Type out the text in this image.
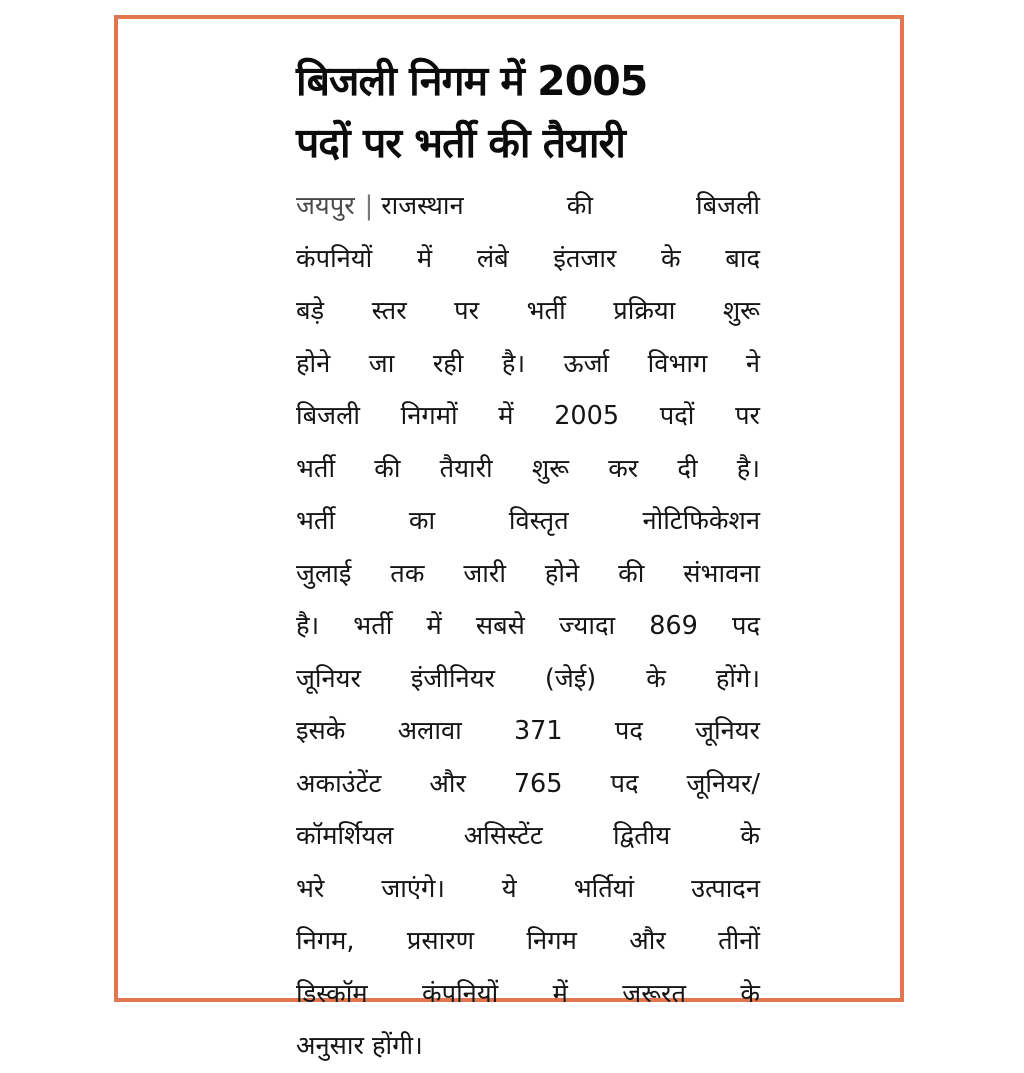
बिजली निगम में 2005
पदों पर भर्ती की तैयारी
जयपुर | राजस्थान की बिजली
कंपनियों में लंबे इंतजार के बाद
बड़े स्तर पर भर्ती प्रक्रिया शुरू
होने जा रही है। ऊर्जा विभाग ने
बिजली निगमों में 2005 पदों पर
भर्ती की तैयारी शुरू कर दी है।
भर्ती का विस्तृत नोटिफिकेशन
जुलाई तक जारी होने की संभावना
है। भर्ती में सबसे ज्यादा 869 पद
जूनियर इंजीनियर (जेई) के होंगे।
इसके अलावा 371 पद जूनियर
अकाउंटेंट और 765 पद जूनियर/
कॉमर्शियल असिस्टेंट द्वितीय के
भरे जाएंगे। ये भर्तियां उत्पादन
निगम, प्रसारण निगम और तीनों
डिस्कॉम कंपनियों में जरूरत के
अनुसार होंगी।
